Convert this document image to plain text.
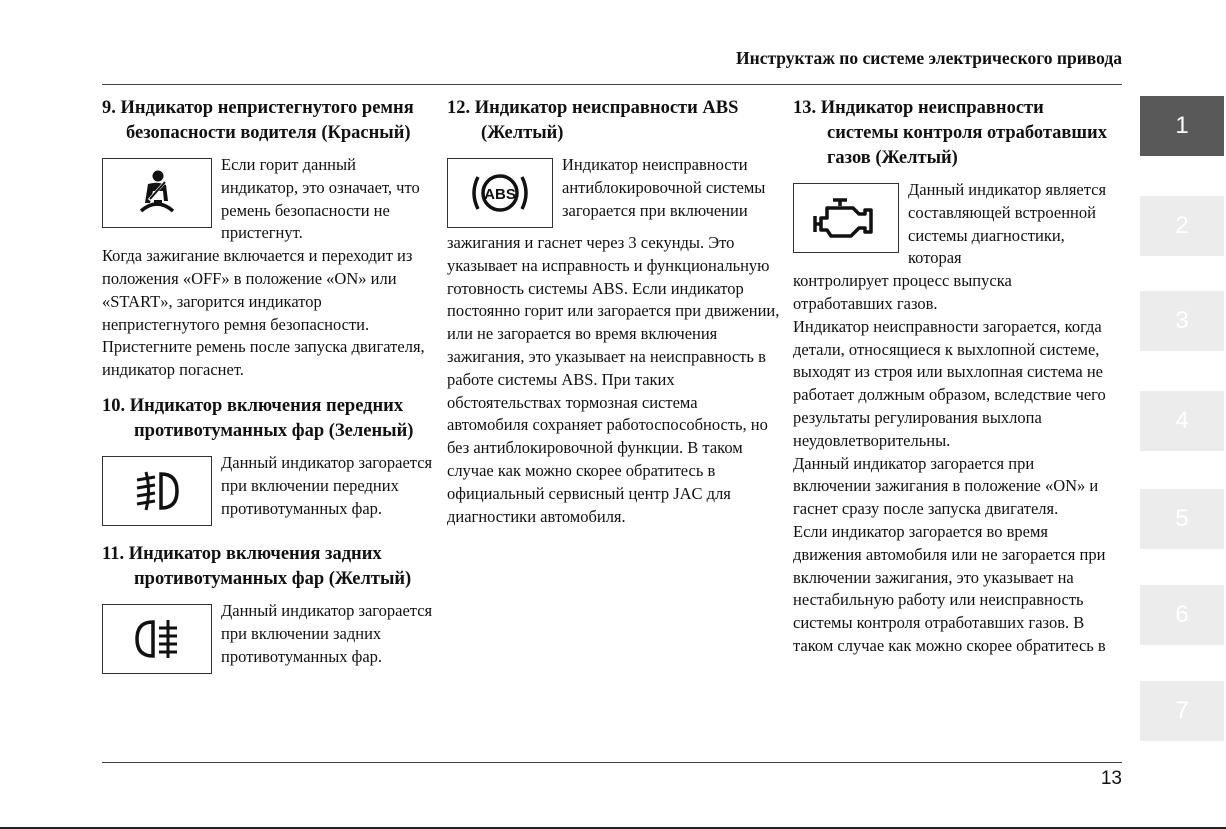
Инструктаж по системе электрического привода

9. Индикатор непристегнутого ремня безопасности водителя (Красный)

Если горит данный индикатор, это означает, что ремень безопасности не пристегнут.

Когда зажигание включается и переходит из положения «OFF» в положение «ON» или «START», загорится индикатор непристегнутого ремня безопасности.

Пристегните ремень после запуска двигателя, индикатор погаснет.

10. Индикатор включения передних противотуманных фар (Зеленый)

Данный индикатор загорается при включении передних противотуманных фар.

11. Индикатор включения задних противотуманных фар (Желтый)

Данный индикатор загорается при включении задних противотуманных фар.

12. Индикатор неисправности ABS (Желтый)

ABS

Индикатор неисправности антиблокировочной системы загорается при включении

зажигания и гаснет через 3 секунды. Это указывает на исправность и функциональную готовность системы ABS. Если индикатор постоянно горит или загорается при движении, или не загорается во время включения зажигания, это указывает на неисправность в работе системы ABS. При таких обстоятельствах тормозная система автомобиля сохраняет работоспособность, но без антиблокировочной функции. В таком случае как можно скорее обратитесь в официальный сервисный центр JAC для диагностики автомобиля.

13. Индикатор неисправности системы контроля отработавших газов (Желтый)

Данный индикатор является составляющей встроенной системы диагностики, которая

контролирует процесс выпуска отработавших газов.

Индикатор неисправности загорается, когда детали, относящиеся к выхлопной системе, выходят из строя или выхлопная система не работает должным образом, вследствие чего результаты регулирования выхлопа неудовлетворительны.

Данный индикатор загорается при включении зажигания в положение «ON» и гаснет сразу после запуска двигателя.

Если индикатор загорается во время движения автомобиля или не загорается при включении зажигания, это указывает на нестабильную работу или неисправность системы контроля отработавших газов. В таком случае как можно скорее обратитесь в

1
2
3
4
5
6
7
13
